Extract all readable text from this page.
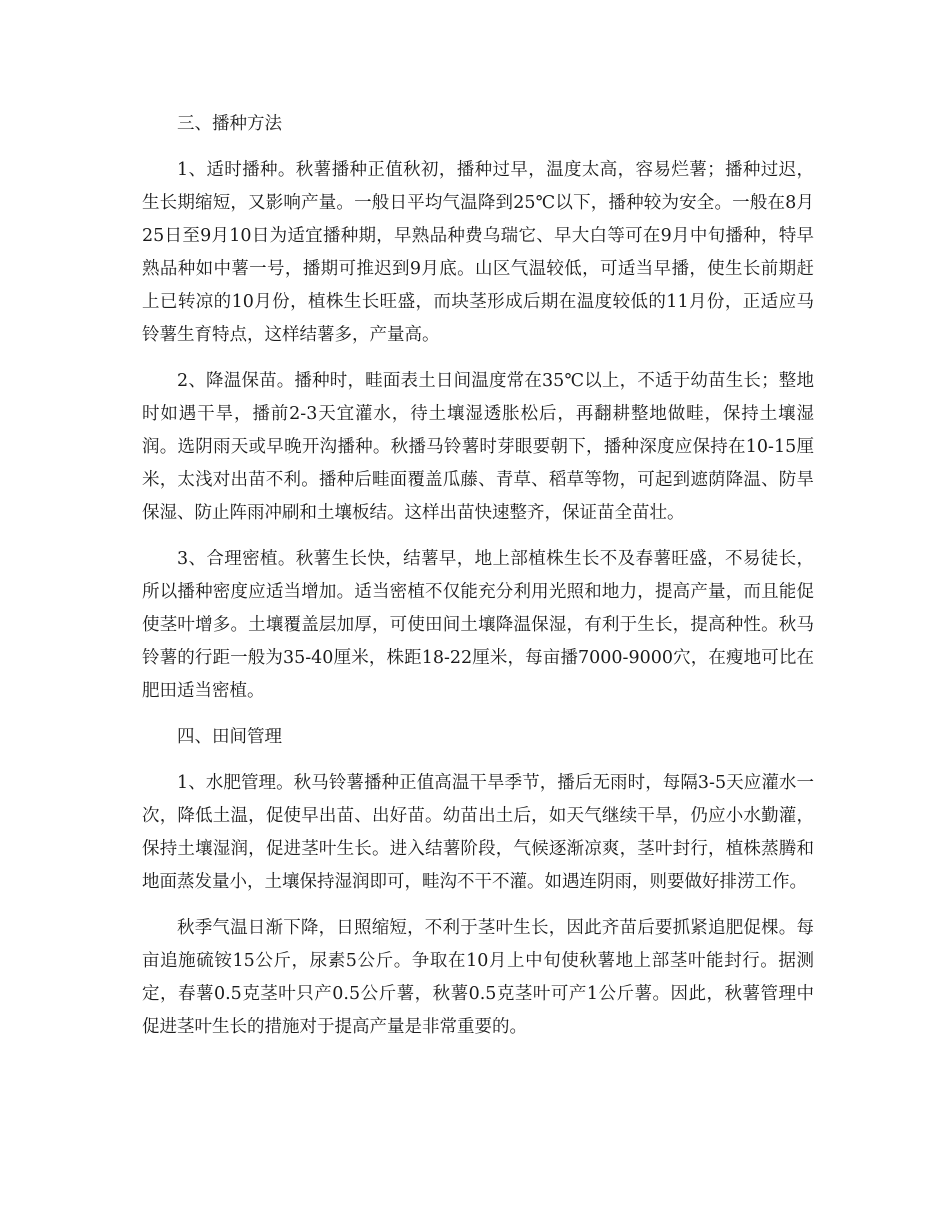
三、播种方法

1、适时播种。秋薯播种正值秋初，播种过早，温度太高，容易烂薯；播种过迟，生长期缩短，又影响产量。一般日平均气温降到25℃以下，播种较为安全。一般在8月25日至9月10日为适宜播种期，早熟品种费乌瑞它、早大白等可在9月中旬播种，特早熟品种如中薯一号，播期可推迟到9月底。山区气温较低，可适当早播，使生长前期赶上已转凉的10月份，植株生长旺盛，而块茎形成后期在温度较低的11月份，正适应马铃薯生育特点，这样结薯多，产量高。

2、降温保苗。播种时，畦面表土日间温度常在35℃以上，不适于幼苗生长；整地时如遇干旱，播前2-3天宜灌水，待土壤湿透胀松后，再翻耕整地做畦，保持土壤湿润。选阴雨天或早晚开沟播种。秋播马铃薯时芽眼要朝下，播种深度应保持在10-15厘米，太浅对出苗不利。播种后畦面覆盖瓜藤、青草、稻草等物，可起到遮荫降温、防旱保湿、防止阵雨冲刷和土壤板结。这样出苗快速整齐，保证苗全苗壮。

3、合理密植。秋薯生长快，结薯早，地上部植株生长不及春薯旺盛，不易徒长，所以播种密度应适当增加。适当密植不仅能充分利用光照和地力，提高产量，而且能促使茎叶增多。土壤覆盖层加厚，可使田间土壤降温保湿，有利于生长，提高种性。秋马铃薯的行距一般为35-40厘米，株距18-22厘米，每亩播7000-9000穴，在瘦地可比在肥田适当密植。

四、田间管理

1、水肥管理。秋马铃薯播种正值高温干旱季节，播后无雨时，每隔3-5天应灌水一次，降低土温，促使早出苗、出好苗。幼苗出土后，如天气继续干旱，仍应小水勤灌，保持土壤湿润，促进茎叶生长。进入结薯阶段，气候逐渐凉爽，茎叶封行，植株蒸腾和地面蒸发量小，土壤保持湿润即可，畦沟不干不灌。如遇连阴雨，则要做好排涝工作。

秋季气温日渐下降，日照缩短，不利于茎叶生长，因此齐苗后要抓紧追肥促棵。每亩追施硫铵15公斤，尿素5公斤。争取在10月上中旬使秋薯地上部茎叶能封行。据测定，春薯0.5克茎叶只产0.5公斤薯，秋薯0.5克茎叶可产1公斤薯。因此，秋薯管理中促进茎叶生长的措施对于提高产量是非常重要的。
